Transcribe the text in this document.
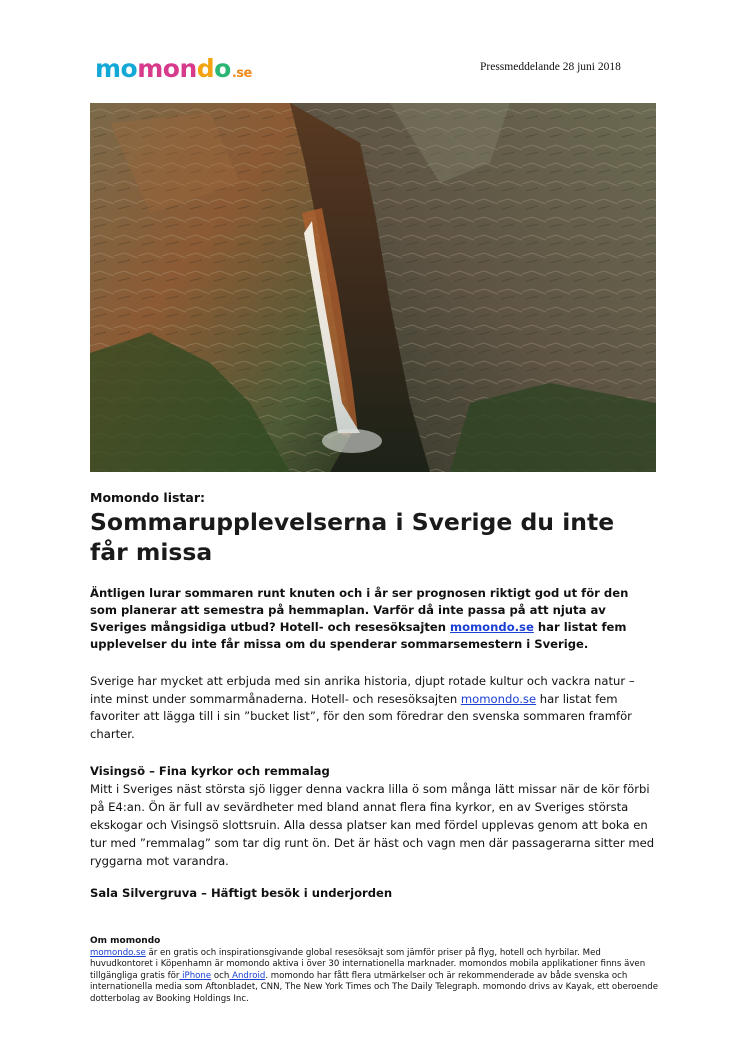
momondo.se	Pressmeddelande 28 juni 2018
Momondo listar:
Sommarupplevelserna i Sverige du inte får missa
Äntligen lurar sommaren runt knuten och i år ser prognosen riktigt god ut för den som planerar att semestra på hemmaplan. Varför då inte passa på att njuta av Sveriges mångsidiga utbud? Hotell- och resesöksajten momondo.se har listat fem upplevelser du inte får missa om du spenderar sommarsemestern i Sverige.
Sverige har mycket att erbjuda med sin anrika historia, djupt rotade kultur och vackra natur – inte minst under sommarmånaderna. Hotell- och resesöksajten momondo.se har listat fem favoriter att lägga till i sin ”bucket list”, för den som föredrar den svenska sommaren framför charter.
Visingsö – Fina kyrkor och remmalag
Mitt i Sveriges näst största sjö ligger denna vackra lilla ö som många lätt missar när de kör förbi på E4:an. Ön är full av sevärdheter med bland annat flera fina kyrkor, en av Sveriges största ekskogar och Visingsö slottsruin. Alla dessa platser kan med fördel upplevas genom att boka en tur med ”remmalag” som tar dig runt ön. Det är häst och vagn men där passagerarna sitter med ryggarna mot varandra.
Sala Silvergruva – Häftigt besök i underjorden
Om momondo
momondo.se är en gratis och inspirationsgivande global resesöksajt som jämför priser på flyg, hotell och hyrbilar. Med huvudkontoret i Köpenhamn är momondo aktiva i över 30 internationella marknader. momondos mobila applikationer finns även tillgängliga gratis för iPhone och Android. momondo har fått flera utmärkelser och är rekommenderade av både svenska och internationella media som Aftonbladet, CNN, The New York Times och The Daily Telegraph. momondo drivs av Kayak, ett oberoende dotterbolag av Booking Holdings Inc.
